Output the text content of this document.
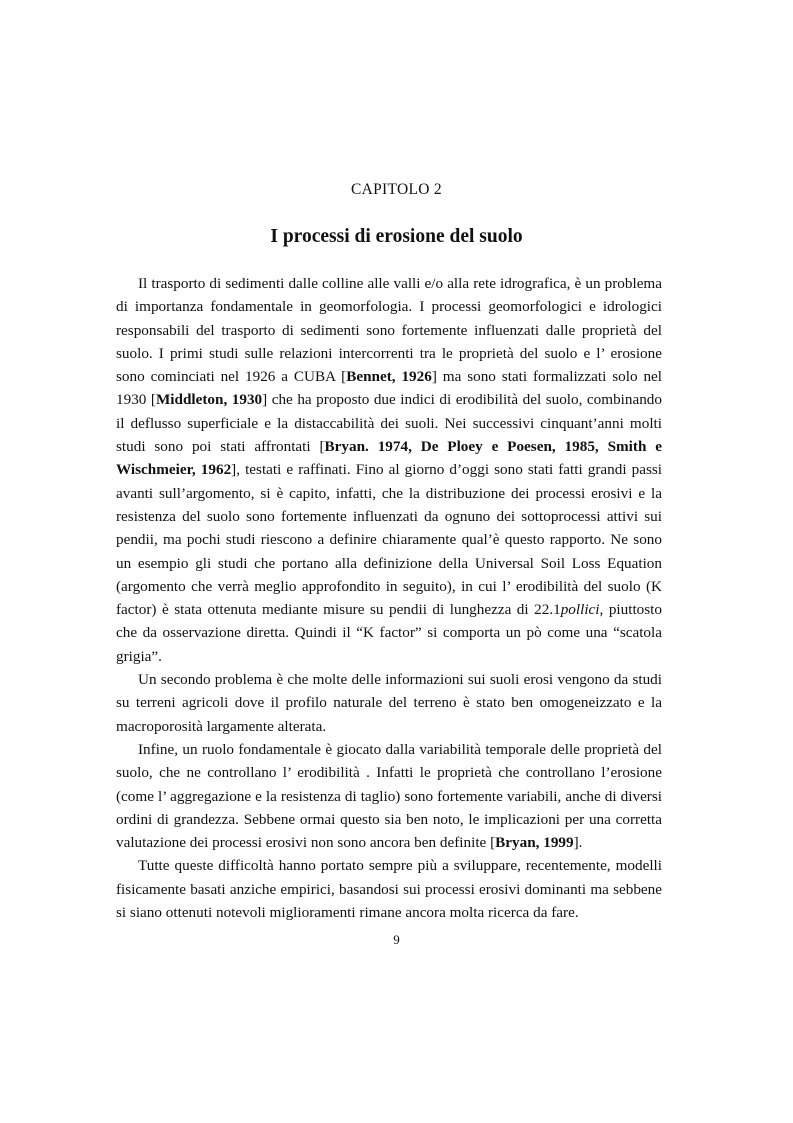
CAPITOLO 2
I processi di erosione del suolo

Il trasporto di sedimenti dalle colline alle valli e/o alla rete idrografica, è un problema di importanza fondamentale in geomorfologia. I processi geomorfologici e idrologici responsabili del trasporto di sedimenti sono fortemente influenzati dalle proprietà del suolo. I primi studi sulle relazioni intercorrenti tra le proprietà del suolo e l’ erosione sono cominciati nel 1926 a CUBA [Bennet, 1926] ma sono stati formalizzati solo nel 1930 [Middleton, 1930] che ha proposto due indici di erodibilità del suolo, combinando il deflusso superficiale e la distaccabilità dei suoli. Nei successivi cinquant’anni molti studi sono poi stati affrontati [Bryan. 1974, De Ploey e Poesen, 1985, Smith e Wischmeier, 1962], testati e raffinati. Fino al giorno d’oggi sono stati fatti grandi passi avanti sull’argomento, si è capito, infatti, che la distribuzione dei processi erosivi e la resistenza del suolo sono fortemente influenzati da ognuno dei sottoprocessi attivi sui pendii, ma pochi studi riescono a definire chiaramente qual’è questo rapporto. Ne sono un esempio gli studi che portano alla definizione della Universal Soil Loss Equation (argomento che verrà meglio approfondito in seguito), in cui l’ erodibilità del suolo (K factor) è stata ottenuta mediante misure su pendii di lunghezza di 22.1pollici, piuttosto che da osservazione diretta. Quindi il “K factor” si comporta un pò come una “scatola grigia”.

Un secondo problema è che molte delle informazioni sui suoli erosi vengono da studi su terreni agricoli dove il profilo naturale del terreno è stato ben omogeneizzato e la macroporosità largamente alterata.

Infine, un ruolo fondamentale è giocato dalla variabilità temporale delle proprietà del suolo, che ne controllano l’ erodibilità . Infatti le proprietà che controllano l’erosione (come l’ aggregazione e la resistenza di taglio) sono fortemente variabili, anche di diversi ordini di grandezza. Sebbene ormai questo sia ben noto, le implicazioni per una corretta valutazione dei processi erosivi non sono ancora ben definite [Bryan, 1999].

Tutte queste difficoltà hanno portato sempre più a sviluppare, recentemente, modelli fisicamente basati anziche empirici, basandosi sui processi erosivi dominanti ma sebbene si siano ottenuti notevoli miglioramenti rimane ancora molta ricerca da fare.

9
